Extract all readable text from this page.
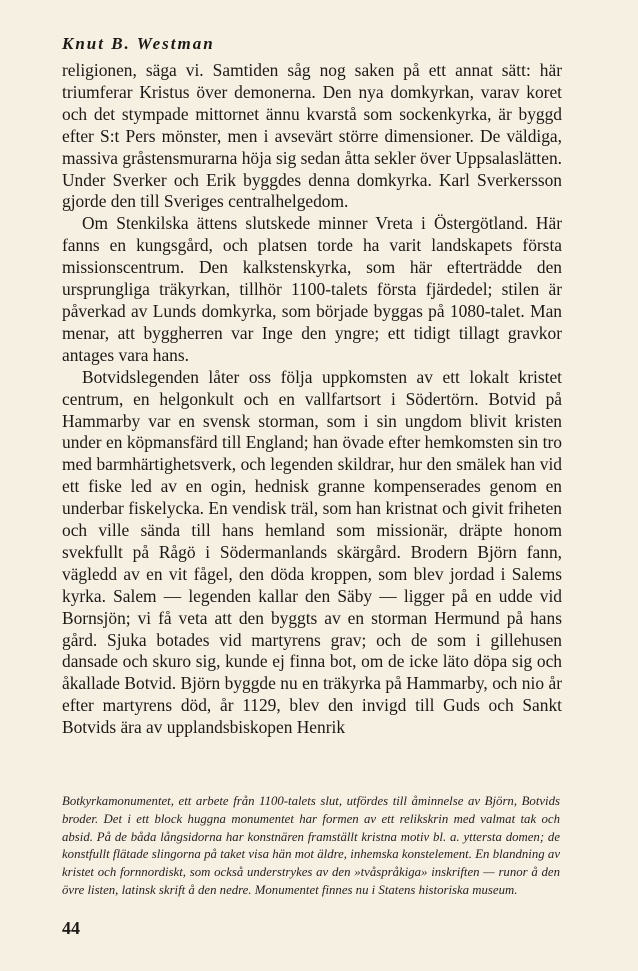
Knut B. Westman

religionen, säga vi. Samtiden såg nog saken på ett annat sätt: här triumferar Kristus över demonerna. Den nya domkyrkan, varav koret och det stympade mittornet ännu kvarstå som sockenkyrka, är byggd efter S:t Pers mönster, men i avsevärt större dimensioner. De väldiga, massiva gråstensmurarna höja sig sedan åtta sekler över Uppsalaslätten. Under Sverker och Erik byggdes denna domkyrka. Karl Sverkersson gjorde den till Sveriges centralhelgedom.

Om Stenkilska ättens slutskede minner Vreta i Östergötland. Här fanns en kungsgård, och platsen torde ha varit landskapets första missionscentrum. Den kalkstenskyrka, som här efterträdde den ursprungliga träkyrkan, tillhör 1100-talets första fjärdedel; stilen är påverkad av Lunds domkyrka, som började byggas på 1080-talet. Man menar, att byggherren var Inge den yngre; ett tidigt tillagt gravkor antages vara hans.

Botvidslegenden låter oss följa uppkomsten av ett lokalt kristet centrum, en helgonkult och en vallfartsort i Södertörn. Botvid på Hammarby var en svensk storman, som i sin ungdom blivit kristen under en köpmansfärd till England; han övade efter hemkomsten sin tro med barmhärtighetsverk, och legenden skildrar, hur den smälek han vid ett fiske led av en ogin, hednisk granne kompenserades genom en underbar fiskelycka. En vendisk träl, som han kristnat och givit friheten och ville sända till hans hemland som missionär, dräpte honom svekfullt på Rågö i Södermanlands skärgård. Brodern Björn fann, vägledd av en vit fågel, den döda kroppen, som blev jordad i Salems kyrka. Salem — legenden kallar den Säby — ligger på en udde vid Bornsjön; vi få veta att den byggts av en storman Hermund på hans gård. Sjuka botades vid martyrens grav; och de som i gillehusen dansade och skuro sig, kunde ej finna bot, om de icke läto döpa sig och åkallade Botvid. Björn byggde nu en träkyrka på Hammarby, och nio år efter martyrens död, år 1129, blev den invigd till Guds och Sankt Botvids ära av upplandsbiskopen Henrik

Botkyrkamonumentet, ett arbete från 1100-talets slut, utfördes till åminnelse av Björn, Botvids broder. Det i ett block huggna monumentet har formen av ett relikskrin med valmat tak och absid. På de båda långsidorna har konstnären framställt kristna motiv bl. a. yttersta domen; de konstfullt flätade slingorna på taket visa hän mot äldre, inhemska konstelement. En blandning av kristet och fornnordiskt, som också understrykes av den »tvåspråkiga» inskriften — runor å den övre listen, latinsk skrift å den nedre. Monumentet finnes nu i Statens historiska museum.
44
